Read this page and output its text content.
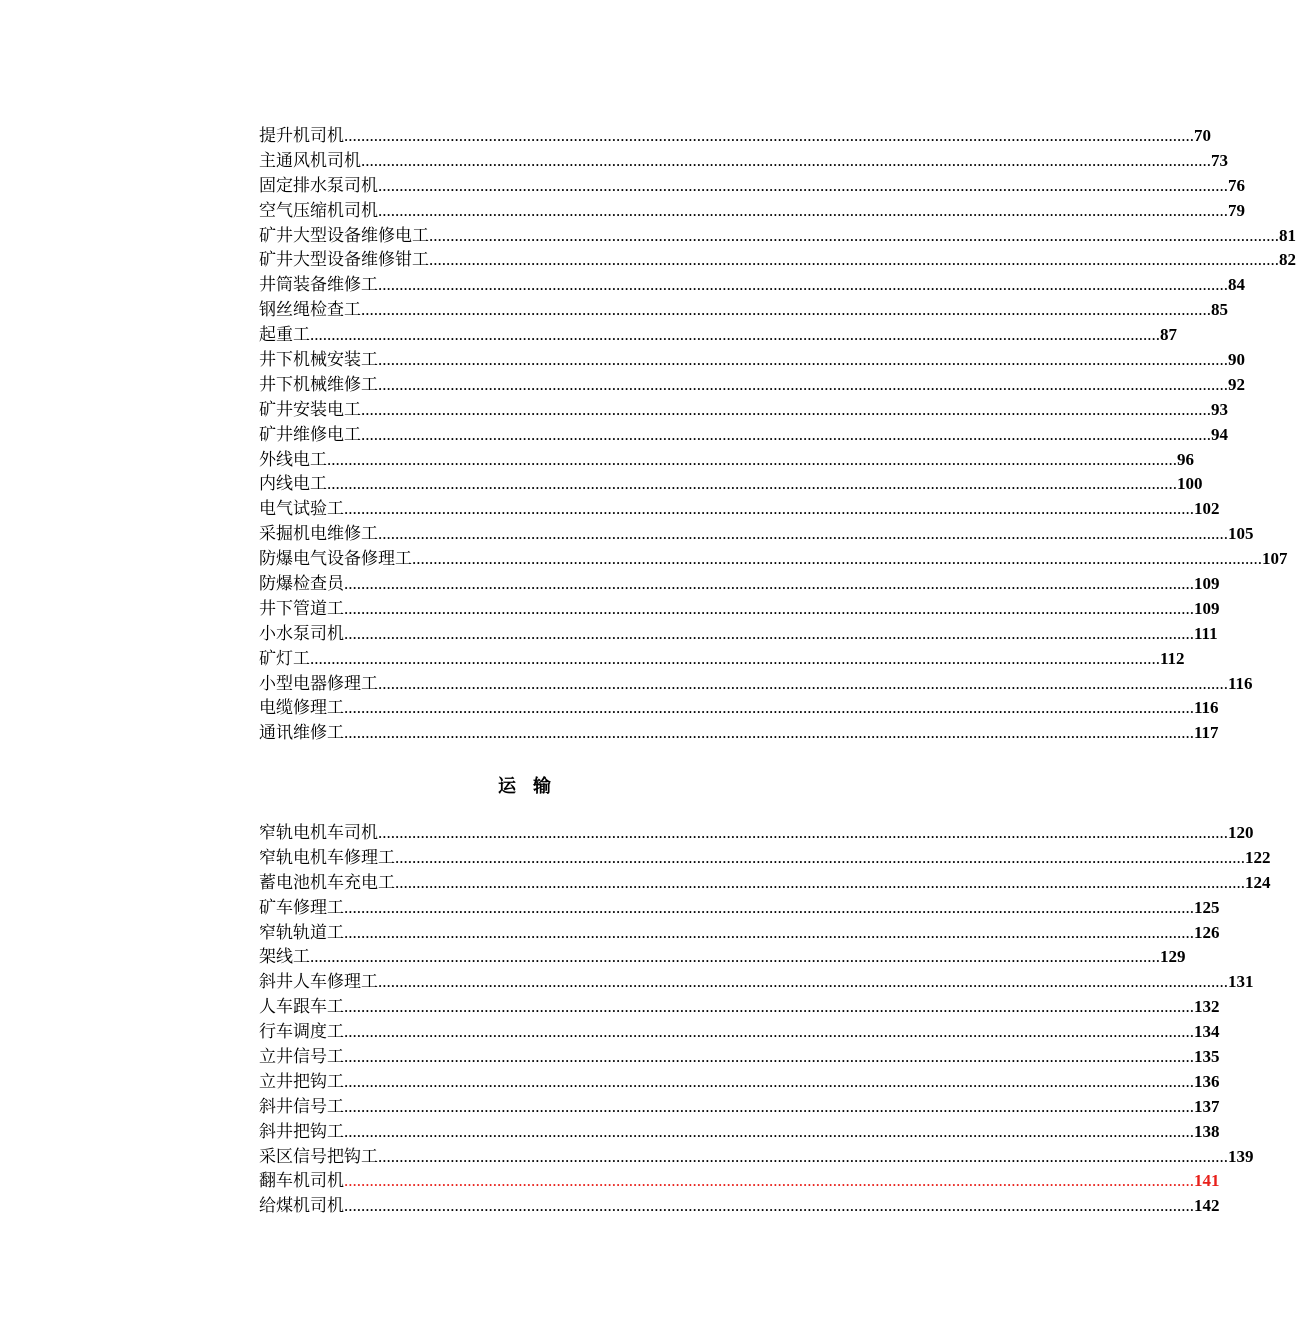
提升机司机 ........................................................................................................................................................................................................ 70
主通风机司机 ........................................................................................................................................................................................................ 73
固定排水泵司机 ........................................................................................................................................................................................................ 76
空气压缩机司机 ........................................................................................................................................................................................................ 79
矿井大型设备维修电工 ........................................................................................................................................................................................................ 81
矿井大型设备维修钳工 ........................................................................................................................................................................................................ 82
井筒装备维修工 ........................................................................................................................................................................................................ 84
钢丝绳检查工 ........................................................................................................................................................................................................ 85
起重工 ........................................................................................................................................................................................................ 87
井下机械安装工 ........................................................................................................................................................................................................ 90
井下机械维修工 ........................................................................................................................................................................................................ 92
矿井安装电工 ........................................................................................................................................................................................................ 93
矿井维修电工 ........................................................................................................................................................................................................ 94
外线电工 ........................................................................................................................................................................................................ 96
内线电工 ........................................................................................................................................................................................................ 100
电气试验工 ........................................................................................................................................................................................................ 102
采掘机电维修工 ........................................................................................................................................................................................................ 105
防爆电气设备修理工 ........................................................................................................................................................................................................ 107
防爆检查员 ........................................................................................................................................................................................................ 109
井下管道工 ........................................................................................................................................................................................................ 109
小水泵司机 ........................................................................................................................................................................................................ 111
矿灯工 ........................................................................................................................................................................................................ 112
小型电器修理工 ........................................................................................................................................................................................................ 116
电缆修理工 ........................................................................................................................................................................................................ 116
通讯维修工 ........................................................................................................................................................................................................ 117
运输
窄轨电机车司机 ........................................................................................................................................................................................................ 120
窄轨电机车修理工 ........................................................................................................................................................................................................ 122
蓄电池机车充电工 ........................................................................................................................................................................................................ 124
矿车修理工 ........................................................................................................................................................................................................ 125
窄轨轨道工 ........................................................................................................................................................................................................ 126
架线工 ........................................................................................................................................................................................................ 129
斜井人车修理工 ........................................................................................................................................................................................................ 131
人车跟车工 ........................................................................................................................................................................................................ 132
行车调度工 ........................................................................................................................................................................................................ 134
立井信号工 ........................................................................................................................................................................................................ 135
立井把钩工 ........................................................................................................................................................................................................ 136
斜井信号工 ........................................................................................................................................................................................................ 137
斜井把钩工 ........................................................................................................................................................................................................ 138
采区信号把钩工 ........................................................................................................................................................................................................ 139
翻车机司机 ........................................................................................................................................................................................................ 141
给煤机司机 ........................................................................................................................................................................................................ 142
